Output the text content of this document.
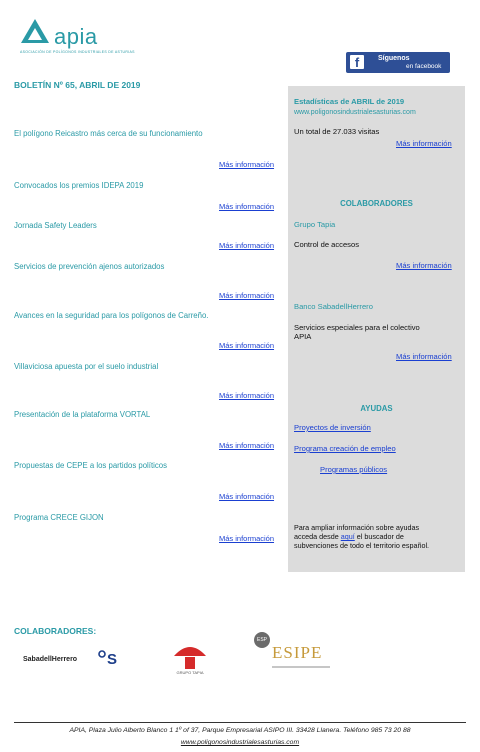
apia
ASOCIACIÓN DE POLÍGONOS INDUSTRIALES DE ASTURIAS
f	Síguenos
en facebook
BOLETÍN Nº 65, ABRIL DE 2019
El polígono Reicastro más cerca de su funcionamiento
Más información
Convocados los premios IDEPA 2019
Más información
Jornada Safety Leaders
Más información
Servicios de prevención ajenos autorizados
Más información
Avances en la seguridad para los polígonos de Carreño.
Más información
Villaviciosa apuesta por el suelo industrial
Más información
Presentación de la plataforma VORTAL
Más información
Propuestas de CEPE a los partidos políticos
Más información
Programa CRECE GIJON
Más información
Estadísticas de ABRIL de 2019
www.poligonosindustrialesasturias.com
Un total de 27.033 visitas
Más información
COLABORADORES
Grupo Tapia
Control de accesos
Más información
Banco SabadellHerrero
Servicios especiales para el colectivo
APIA
Más información
AYUDAS
Proyectos de inversión
Programa creación de empleo
Programas públicos
Para ampliar información sobre ayudas
acceda desde aquí el buscador de
subvenciones de todo el territorio español.
COLABORADORES:
SabadellHerrero S
GRUPO TAPIA
ESP
ESIPE
APIA, Plaza Julio Alberto Blanco 1 1º of 37, Parque Empresarial ASIPO III. 33428 Llanera. Teléfono 985 73 20 88
www.poligonosindustrialesasturias.com
